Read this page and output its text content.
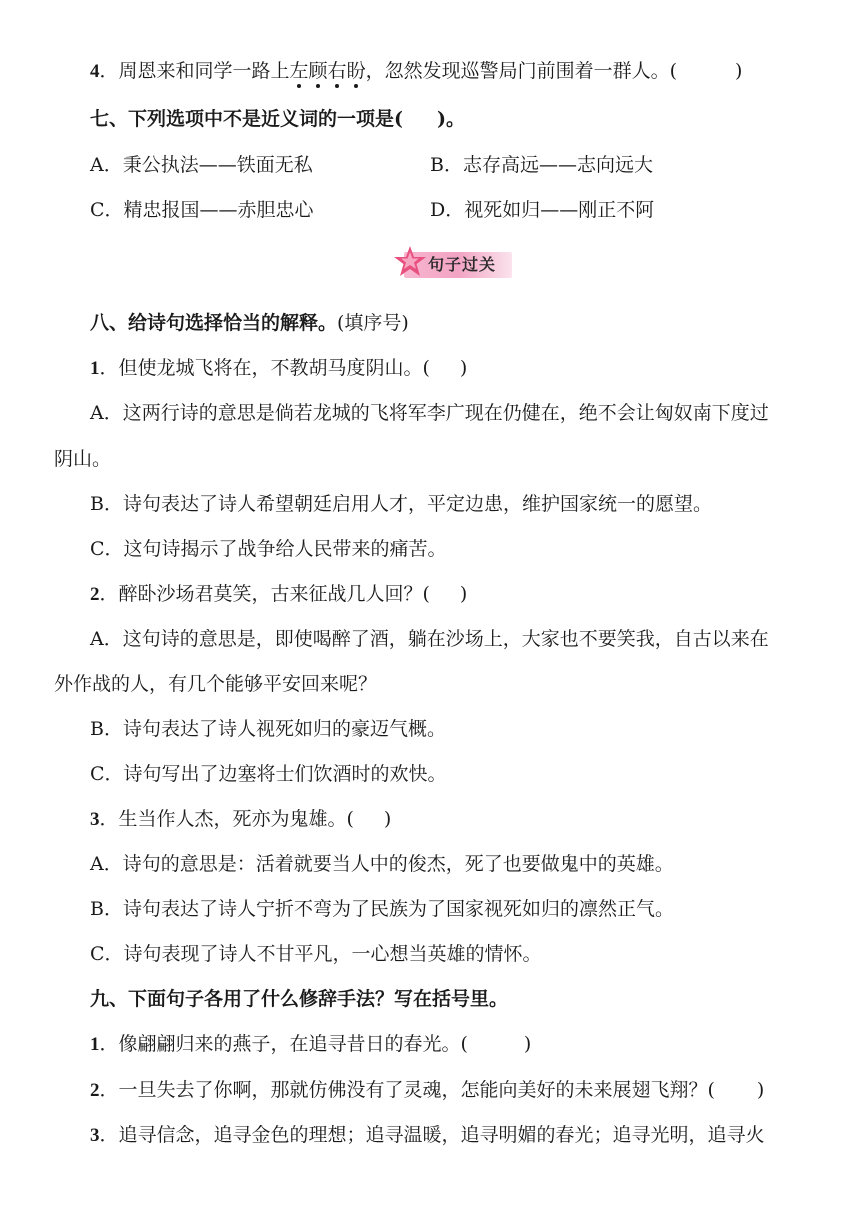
4．周恩来和同学一路上左顾右盼，忽然发现巡警局门前围着一群人。(	)
七、下列选项中不是近义词的一项是( )。
A．秉公执法——铁面无私	B．志存高远——志向远大
C．精忠报国——赤胆忠心	D．视死如归——刚正不阿
句子过关
八、给诗句选择恰当的解释。(填序号)
1．但使龙城飞将在，不教胡马度阴山。( )
A．这两行诗的意思是倘若龙城的飞将军李广现在仍健在，绝不会让匈奴南下度过
阴山。
B．诗句表达了诗人希望朝廷启用人才，平定边患，维护国家统一的愿望。
C．这句诗揭示了战争给人民带来的痛苦。
2．醉卧沙场君莫笑，古来征战几人回？( )
A．这句诗的意思是，即使喝醉了酒，躺在沙场上，大家也不要笑我，自古以来在
外作战的人，有几个能够平安回来呢？
B．诗句表达了诗人视死如归的豪迈气概。
C．诗句写出了边塞将士们饮酒时的欢快。
3．生当作人杰，死亦为鬼雄。( )
A．诗句的意思是：活着就要当人中的俊杰，死了也要做鬼中的英雄。
B．诗句表达了诗人宁折不弯为了民族为了国家视死如归的凛然正气。
C．诗句表现了诗人不甘平凡，一心想当英雄的情怀。
九、下面句子各用了什么修辞手法？写在括号里。
1．像翩翩归来的燕子，在追寻昔日的春光。(	)
2．一旦失去了你啊，那就仿佛没有了灵魂，怎能向美好的未来展翅飞翔？( )
3．追寻信念，追寻金色的理想；追寻温暖，追寻明媚的春光；追寻光明，追寻火
